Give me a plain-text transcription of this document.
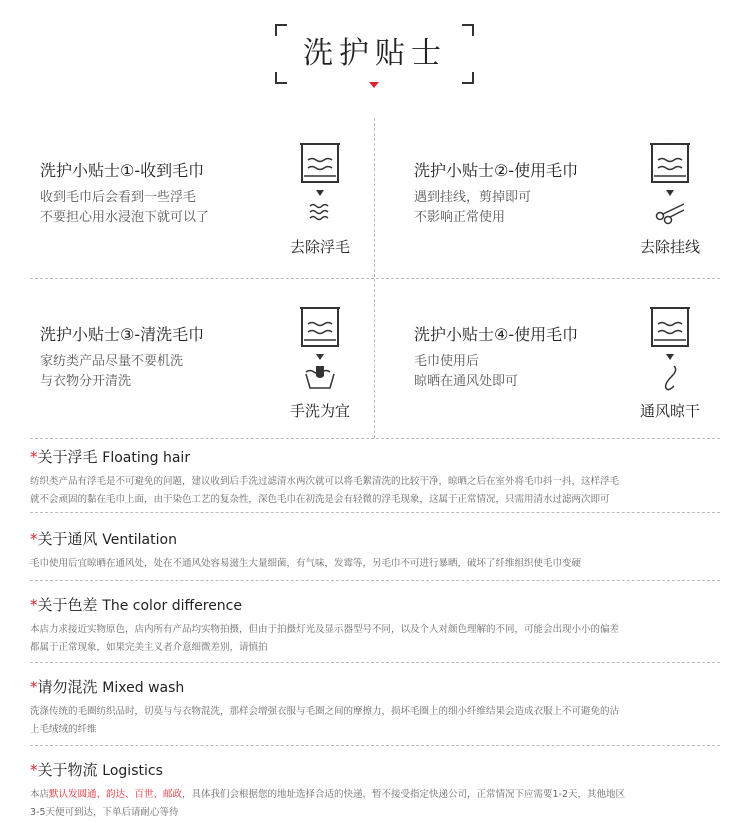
洗护贴士
洗护小贴士①-收到毛巾
收到毛巾后会看到一些浮毛
不要担心用水浸泡下就可以了
去除浮毛
洗护小贴士②-使用毛巾
遇到挂线，剪掉即可
不影响正常使用
去除挂线
洗护小贴士③-清洗毛巾
家纺类产品尽量不要机洗
与衣物分开清洗
手洗为宜
洗护小贴士④-使用毛巾
毛巾使用后
晾晒在通风处即可
通风晾干
*关于浮毛 Floating hair
纺织类产品有浮毛是不可避免的问题，建议收到后手洗过滤清水两次就可以将毛絮清洗的比较干净，晾晒之后在室外将毛巾抖一抖，这样浮毛
就不会顽固的黏在毛巾上面，由于染色工艺的复杂性，深色毛巾在初洗是会有轻微的浮毛现象，这属于正常情况，只需用清水过滤两次即可
*关于通风 Ventilation
毛巾使用后宜晾晒在通风处，处在不通风处容易滋生大量细菌，有气味，发霉等，另毛巾不可进行暴晒，破坏了纤维组织使毛巾变硬
*关于色差 The color difference
本店力求接近实物原色，店内所有产品均实物拍摄，但由于拍摄灯光及显示器型号不同，以及个人对颜色理解的不同，可能会出现小小的偏差
都属于正常现象，如果完美主义者介意细微差别，请慎拍
*请勿混洗 Mixed wash
洗涤传统的毛圈纺织品时，切莫与与衣物混洗，那样会增强衣服与毛圈之间的摩擦力，损坏毛圈上的细小纤维结果会造成衣服上不可避免的沾
上毛绒绒的纤维
*关于物流 Logistics
本店默认发圆通、韵达、百世、邮政，具体我们会根据您的地址选择合适的快递，暂不接受指定快递公司，正常情况下应需要1-2天，其他地区
3-5天便可到达，下单后请耐心等待
